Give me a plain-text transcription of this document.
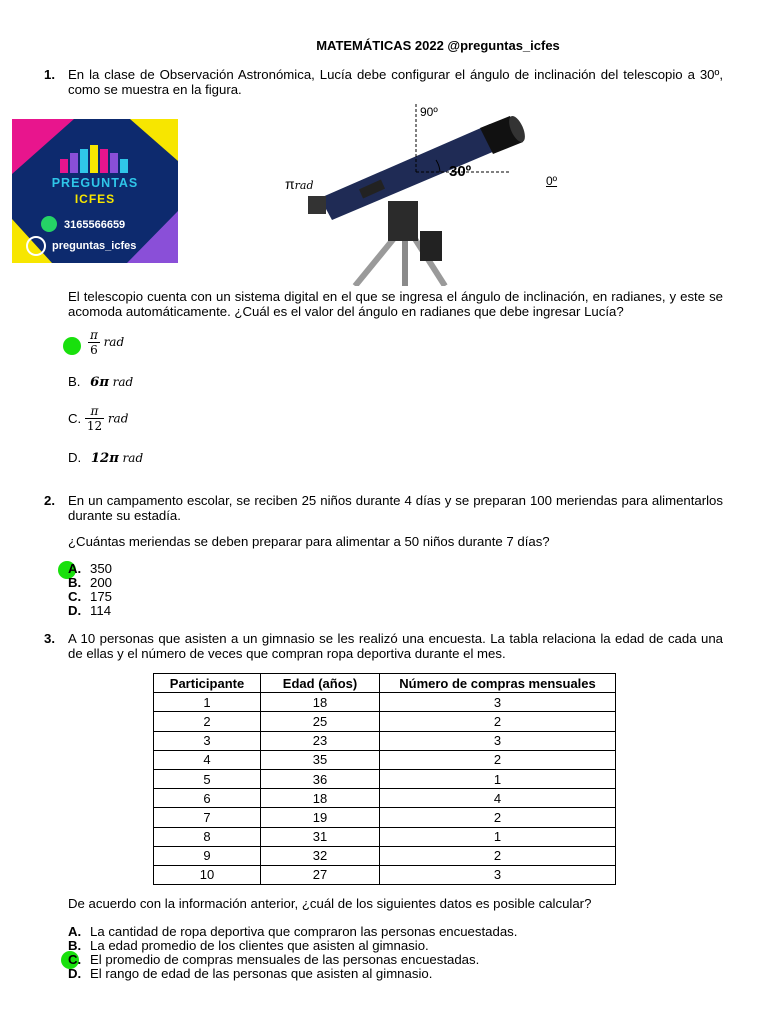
MATEMÁTICAS 2022 @preguntas_icfes
1. En la clase de Observación Astronómica, Lucía debe configurar el ángulo de inclinación del telescopio a 30º, como se muestra en la figura.
PREGUNTAS
ICFES
3165566659
preguntas_icfes
90º
30º
0º
πrad
El telescopio cuenta con un sistema digital en el que se ingresa el ángulo de inclinación, en radianes, y este se acomoda automáticamente. ¿Cuál es el valor del ángulo en radianes que debe ingresar Lucía?
$\frac{\pi}{6}$ rad
B. 6π rad
C. $\frac{\pi}{12}$ rad
D. 12π rad
2. En un campamento escolar, se reciben 25 niños durante 4 días y se preparan 100 meriendas para alimentarlos durante su estadía.
¿Cuántas meriendas se deben preparar para alimentar a 50 niños durante 7 días?
A. 350
B. 200
C. 175
D. 114
3. A 10 personas que asisten a un gimnasio se les realizó una encuesta. La tabla relaciona la edad de cada una de ellas y el número de veces que compran ropa deportiva durante el mes.
Participante	Edad (años)	Número de compras mensuales
1	18	3
2	25	2
3	23	3
4	35	2
5	36	1
6	18	4
7	19	2
8	31	1
9	32	2
10	27	3
De acuerdo con la información anterior, ¿cuál de los siguientes datos es posible calcular?
A. La cantidad de ropa deportiva que compraron las personas encuestadas.
B. La edad promedio de los clientes que asisten al gimnasio.
C. El promedio de compras mensuales de las personas encuestadas.
D. El rango de edad de las personas que asisten al gimnasio.
